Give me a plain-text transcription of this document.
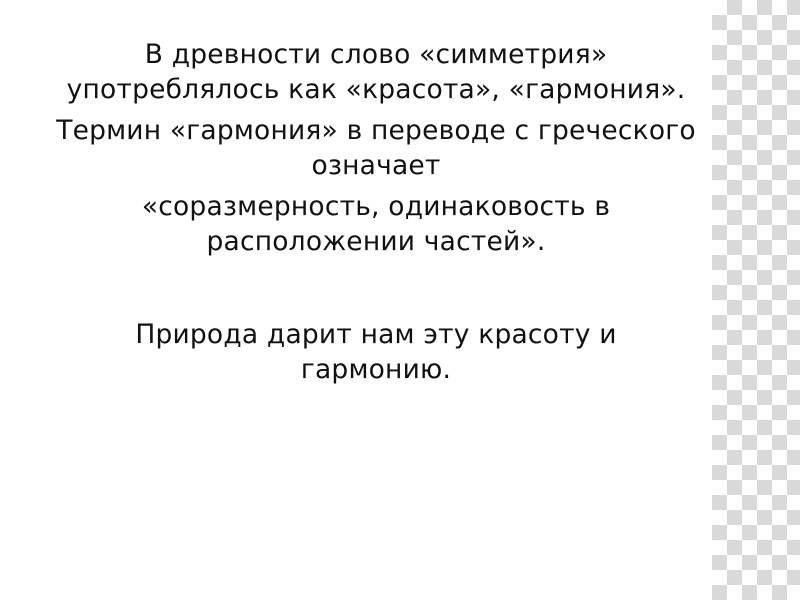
В древности слово «симметрия» употреблялось как «красота», «гармония».

Термин «гармония» в переводе с греческого означает

«соразмерность, одинаковость в расположении частей».

Природа дарит нам эту красоту и гармонию.
